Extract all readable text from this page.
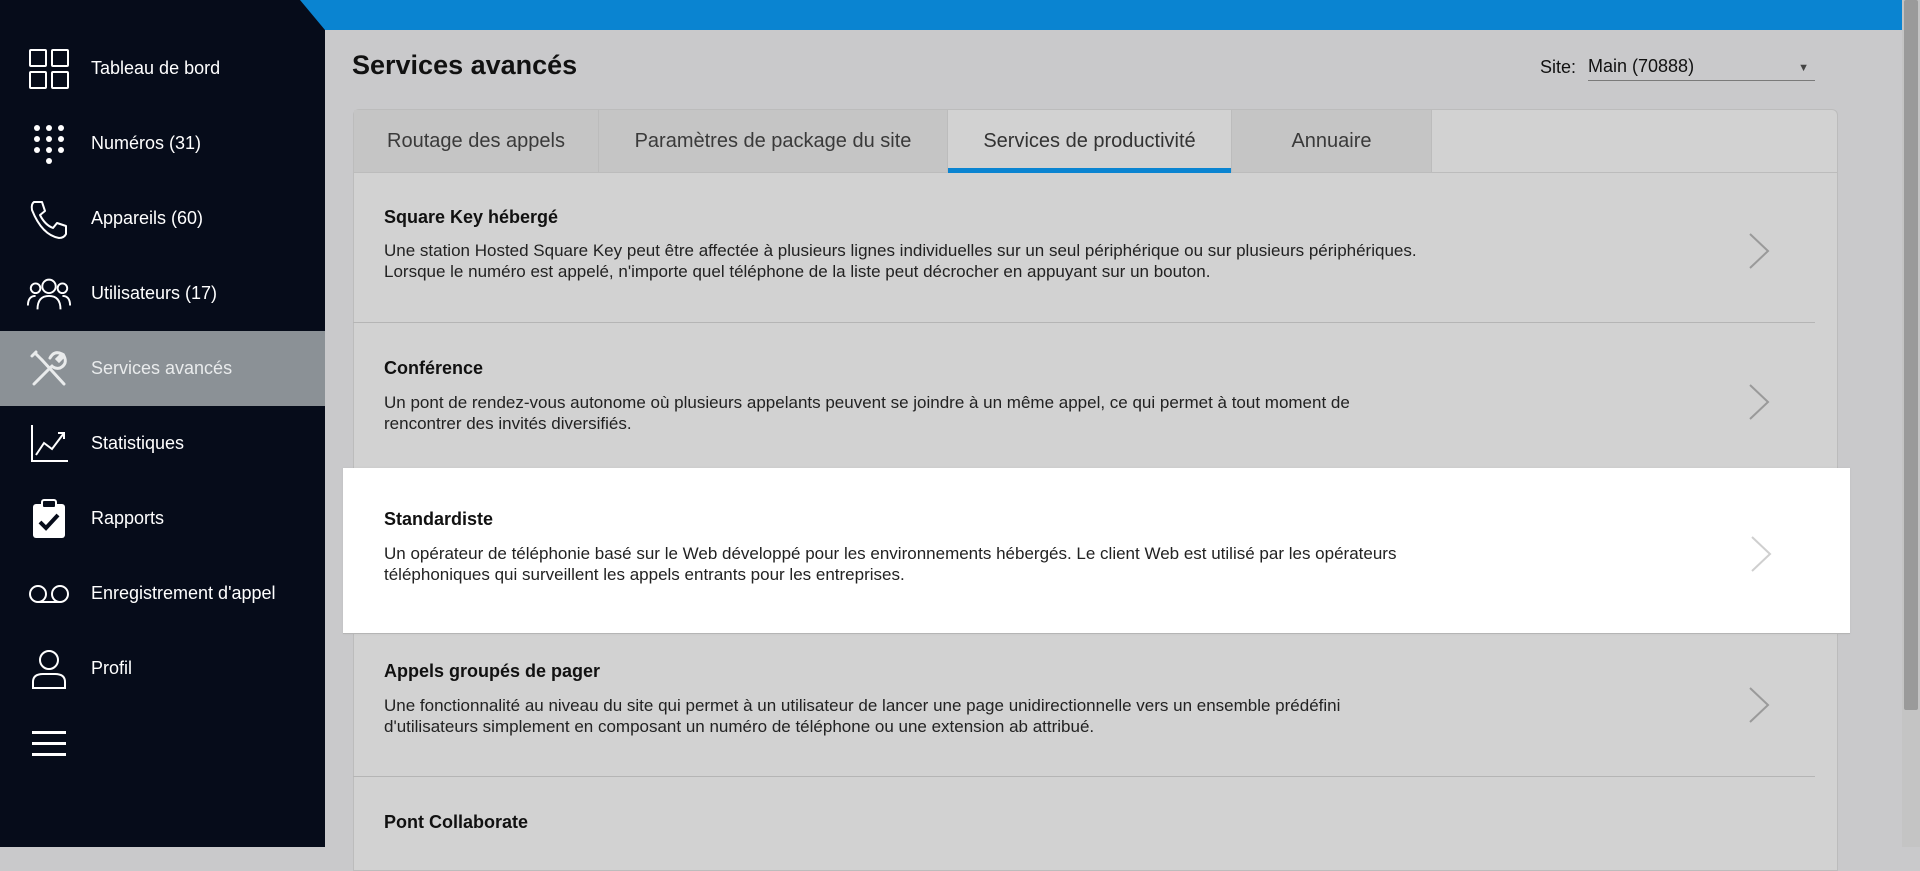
Tableau de bord
Numéros (31)
Appareils (60)
Utilisateurs (17)
Services avancés
Statistiques
Rapports
Enregistrement d'appel
Profil
Services avancés	Site: Main (70888)	▼
Routage des appels	Paramètres de package du site	Services de productivité	Annuaire
Square Key hébergé
Une station Hosted Square Key peut être affectée à plusieurs lignes individuelles sur un seul périphérique ou sur plusieurs périphériques.
Lorsque le numéro est appelé, n'importe quel téléphone de la liste peut décrocher en appuyant sur un bouton.
Conférence
Un pont de rendez-vous autonome où plusieurs appelants peuvent se joindre à un même appel, ce qui permet à tout moment de
rencontrer des invités diversifiés.
Standardiste
Un opérateur de téléphonie basé sur le Web développé pour les environnements hébergés. Le client Web est utilisé par les opérateurs
téléphoniques qui surveillent les appels entrants pour les entreprises.
Appels groupés de pager
Une fonctionnalité au niveau du site qui permet à un utilisateur de lancer une page unidirectionnelle vers un ensemble prédéfini
d'utilisateurs simplement en composant un numéro de téléphone ou une extension ab attribué.
Pont Collaborate
